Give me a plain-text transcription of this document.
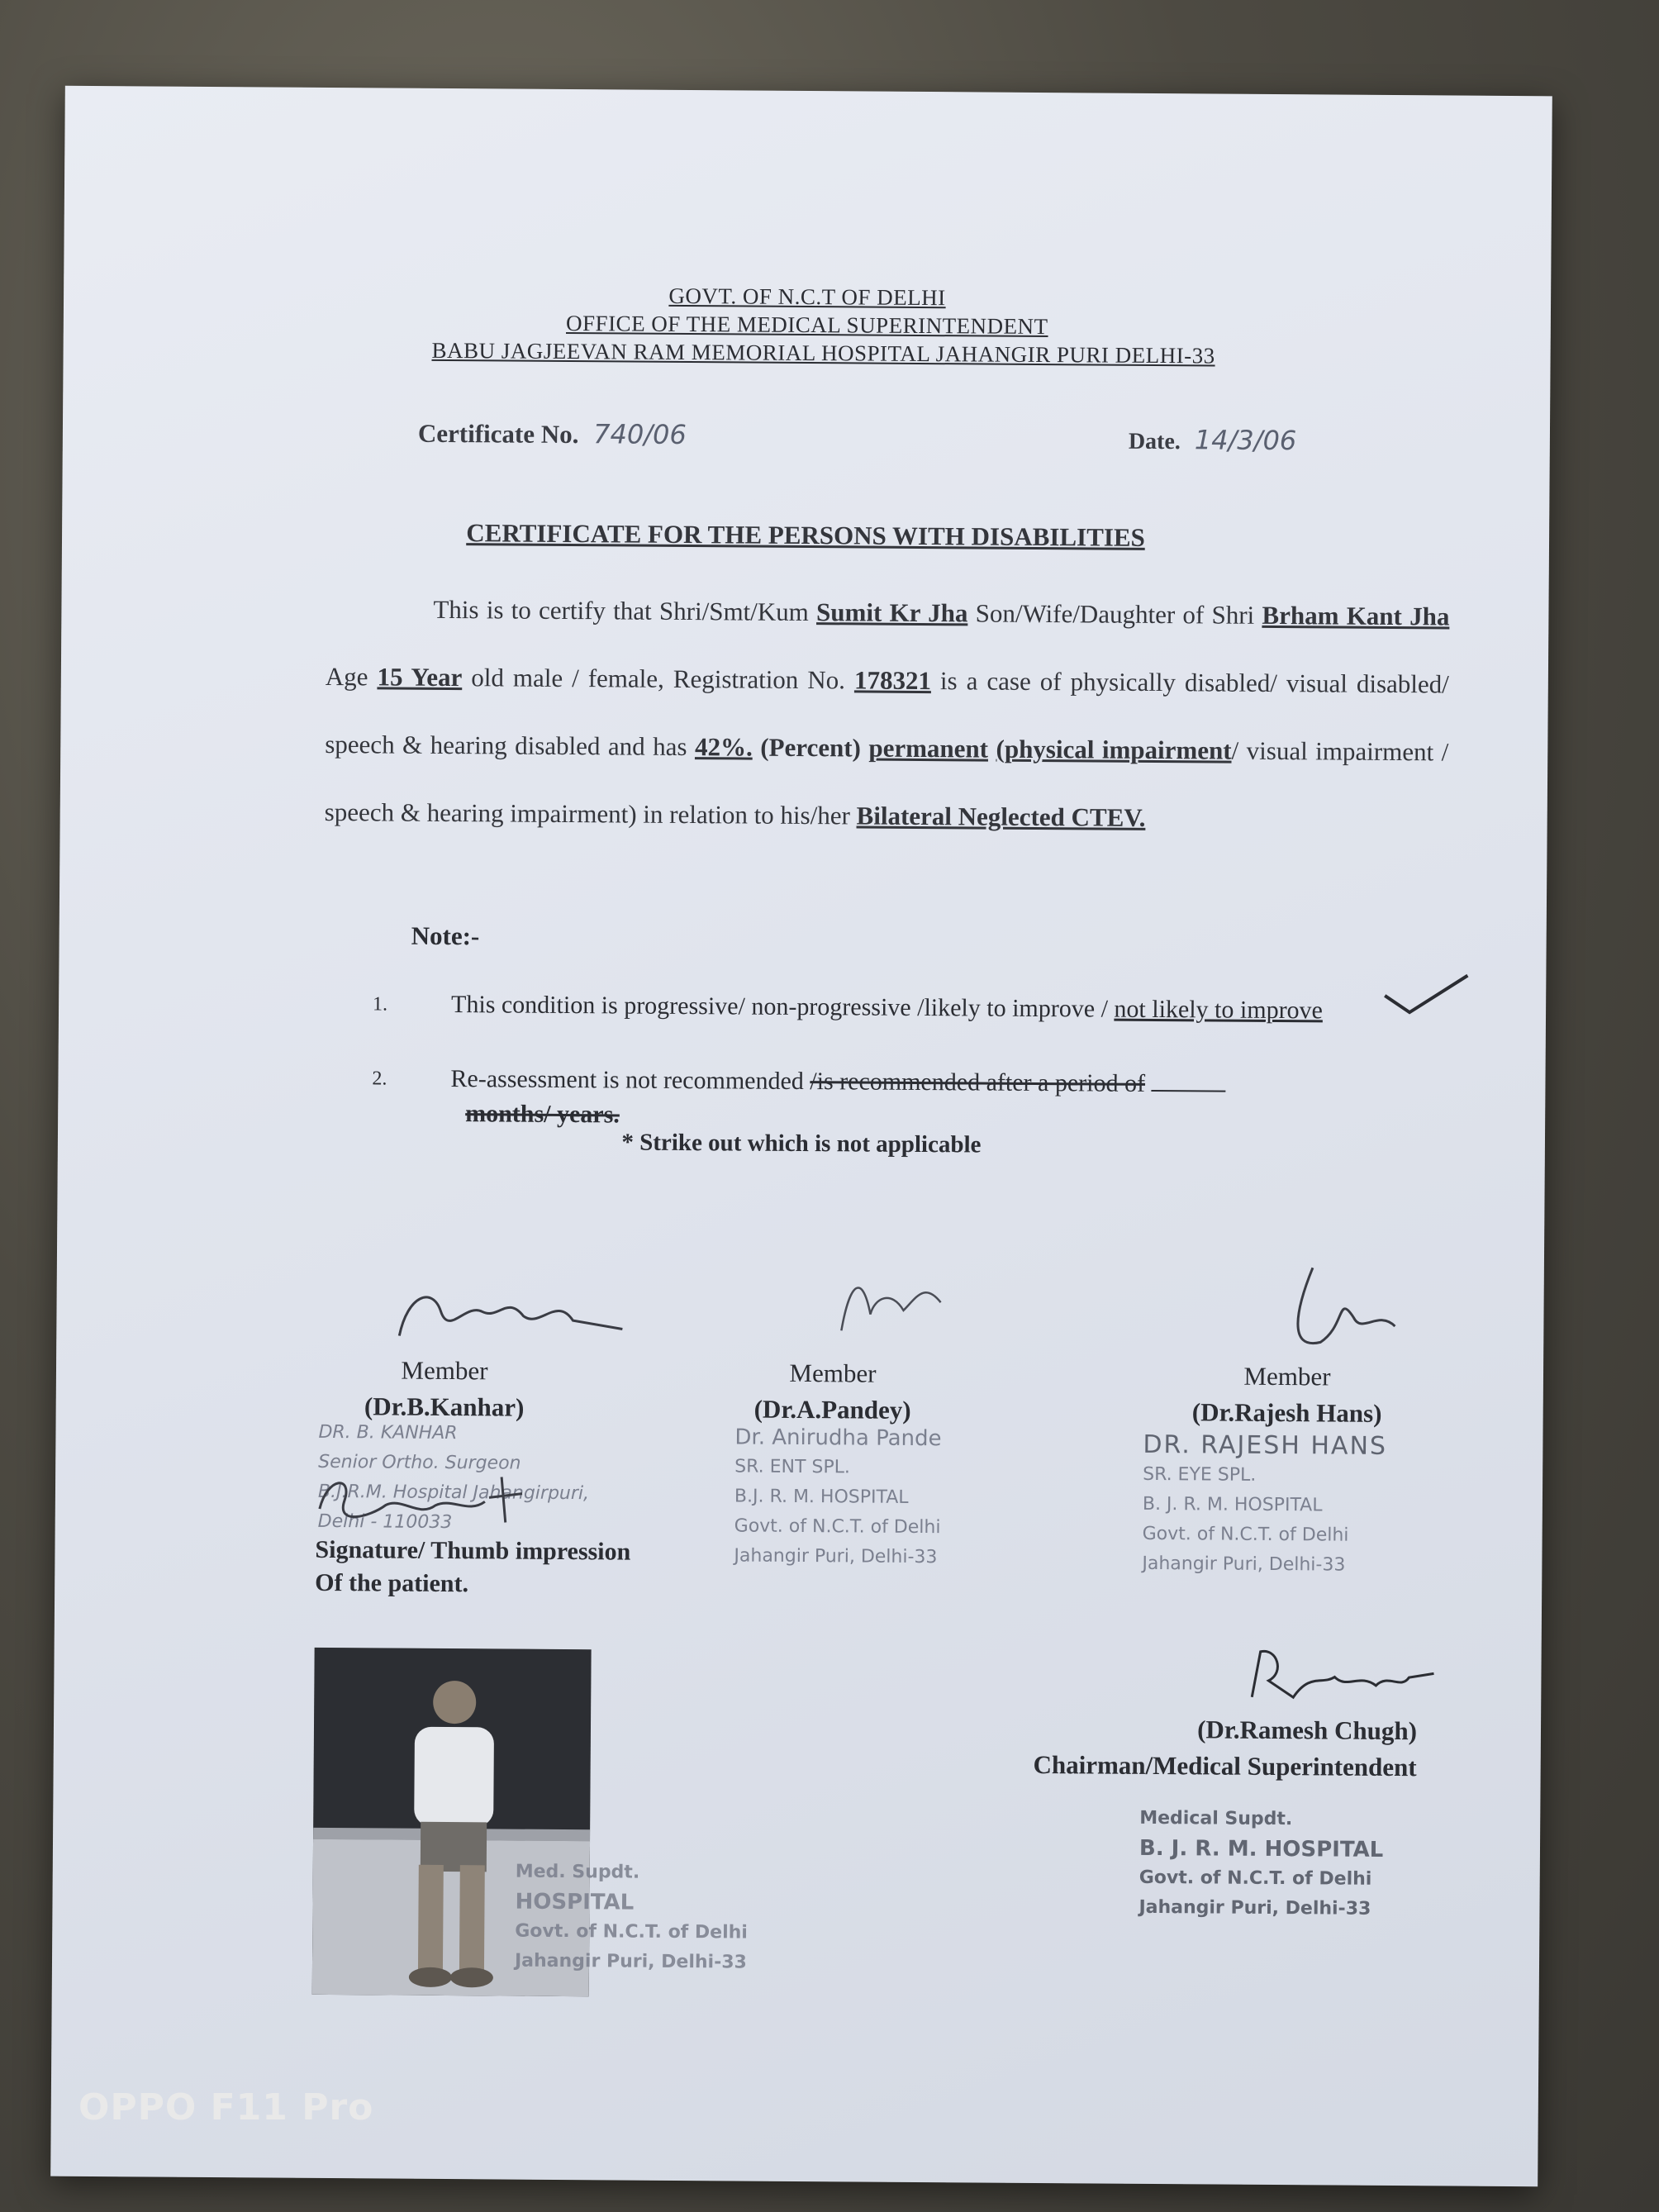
GOVT. OF N.C.T OF DELHI
OFFICE OF THE MEDICAL SUPERINTENDENT
BABU JAGJEEVAN RAM MEMORIAL HOSPITAL JAHANGIR PURI DELHI-33
Certificate No. 740/06	Date. 14/3/06
CERTIFICATE FOR THE PERSONS WITH DISABILITIES
This is to certify that Shri/Smt/Kum Sumit Kr Jha Son/Wife/Daughter of Shri Brham Kant Jha Age 15 Year old male / female, Registration No. 178321 is a case of physically disabled/ visual disabled/ speech & hearing disabled and has 42%. (Percent) permanent (physical impairment/ visual impairment / speech & hearing impairment) in relation to his/her Bilateral Neglected CTEV.
Note:-
1.	This condition is progressive/ non-progressive /likely to improve / not likely to improve
2.	Re-assessment is not recommended /is recommended after a period of
months/ years.
* Strike out which is not applicable
Member
(Dr.B.Kanhar)
DR. B. KANHAR
Senior Ortho. Surgeon
B.J.R.M. Hospital Jahangirpuri,
Delhi - 110033
Member
(Dr.A.Pandey)
Dr. Anirudha Pande
SR. ENT SPL.
B.J. R. M. HOSPITAL
Govt. of N.C.T. of Delhi
Jahangir Puri, Delhi-33
Member
(Dr.Rajesh Hans)
DR. RAJESH HANS
SR. EYE SPL.
B. J. R. M. HOSPITAL
Govt. of N.C.T. of Delhi
Jahangir Puri, Delhi-33
Signature/ Thumb impression
Of the patient.
Med. Supdt.
HOSPITAL
Govt. of N.C.T. of Delhi
Jahangir Puri, Delhi-33
(Dr.Ramesh Chugh)
Chairman/Medical Superintendent
Medical Supdt.
B. J. R. M. HOSPITAL
Govt. of N.C.T. of Delhi
Jahangir Puri, Delhi-33
OPPO F11 Pro
